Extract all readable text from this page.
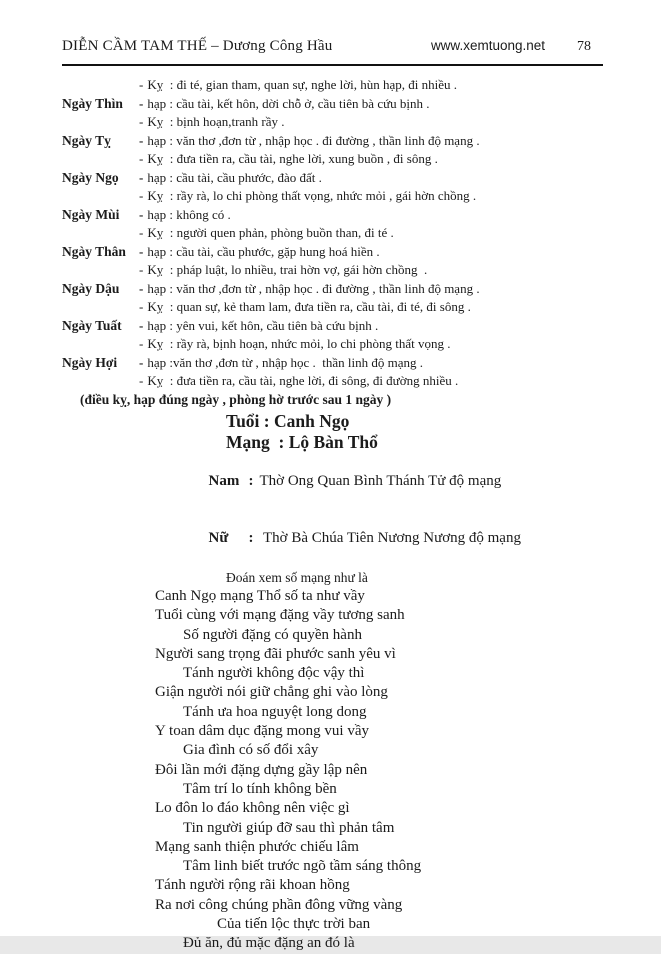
DIỄN CẦM TAM THẾ – Dương Công Hầu	www.xemtuong.net 78
- Kỵ  : đi té, gian tham, quan sự, nghe lời, hùn hạp, đi nhiều .
Ngày Thìn	- hạp : cầu tài, kết hôn, dời chỗ ở, cầu tiên bà cứu bịnh .
- Kỵ  : bịnh hoạn,tranh rầy .
Ngày Tỵ	- hạp : văn thơ ,đơn từ , nhập học . đi đường , thần linh độ mạng .
- Kỵ  : đưa tiền ra, cầu tài, nghe lời, xung buồn , đi sông .
Ngày Ngọ	- hạp : cầu tài, cầu phước, đào đất .
- Kỵ  : rầy rà, lo chi phòng thất vọng, nhức mỏi , gái hờn chồng .
Ngày Mùi	- hạp : không có .
- Kỵ  : người quen phản, phòng buồn than, đi té .
Ngày Thân	- hạp : cầu tài, cầu phước, gặp hung hoá hiền .
- Kỵ  : pháp luật, lo nhiều, trai hờn vợ, gái hờn chồng  .
Ngày Dậu	- hạp : văn thơ ,đơn từ , nhập học . đi đường , thần linh độ mạng .
- Kỵ  : quan sự, kẻ tham lam, đưa tiền ra, cầu tài, đi té, đi sông .
Ngày Tuất	- hạp : yên vui, kết hôn, cầu tiên bà cứu bịnh .
- Kỵ  : rầy rà, bịnh hoạn, nhức mỏi, lo chi phòng thất vọng .
Ngày Hợi	- hạp :văn thơ ,đơn từ , nhập học .  thần linh độ mạng .
- Kỵ  : đưa tiền ra, cầu tài, nghe lời, đi sông, đi đường nhiều .
(điều kỵ, hạp đúng ngày , phòng hờ trước sau 1 ngày )
Tuổi : Canh Ngọ
Mạng  : Lộ Bàn Thổ

Nam : Thờ Ong Quan Bình Thánh Tử độ mạng

Nữ : Thờ Bà Chúa Tiên Nương Nương độ mạng

Đoán xem số mạng như là
Canh Ngọ mạng Thổ số ta như vầy
Tuổi cùng với mạng đặng vầy tương sanh
Số người đặng có quyền hành
Người sang trọng đãi phước sanh yêu vì
Tánh người không độc vậy thì
Giận người nói giữ chẳng ghi vào lòng
Tánh ưa hoa nguyệt long dong
Y toan dâm dục đặng mong vui vầy
Gia đình có số đổi xây
Đôi lần mới đặng dựng gầy lập nên
Tâm trí lo tính không bền
Lo đôn lo đáo không nên việc gì
Tin người giúp đỡ sau thì phản tâm
Mạng sanh thiện phước chiếu lâm
Tâm linh biết trước ngõ tầm sáng thông
Tánh người rộng rãi khoan hồng
Ra nơi công chúng phần đông vững vàng
Của tiến lộc thực trời ban
Đủ ăn, đủ mặc đặng an đó là
